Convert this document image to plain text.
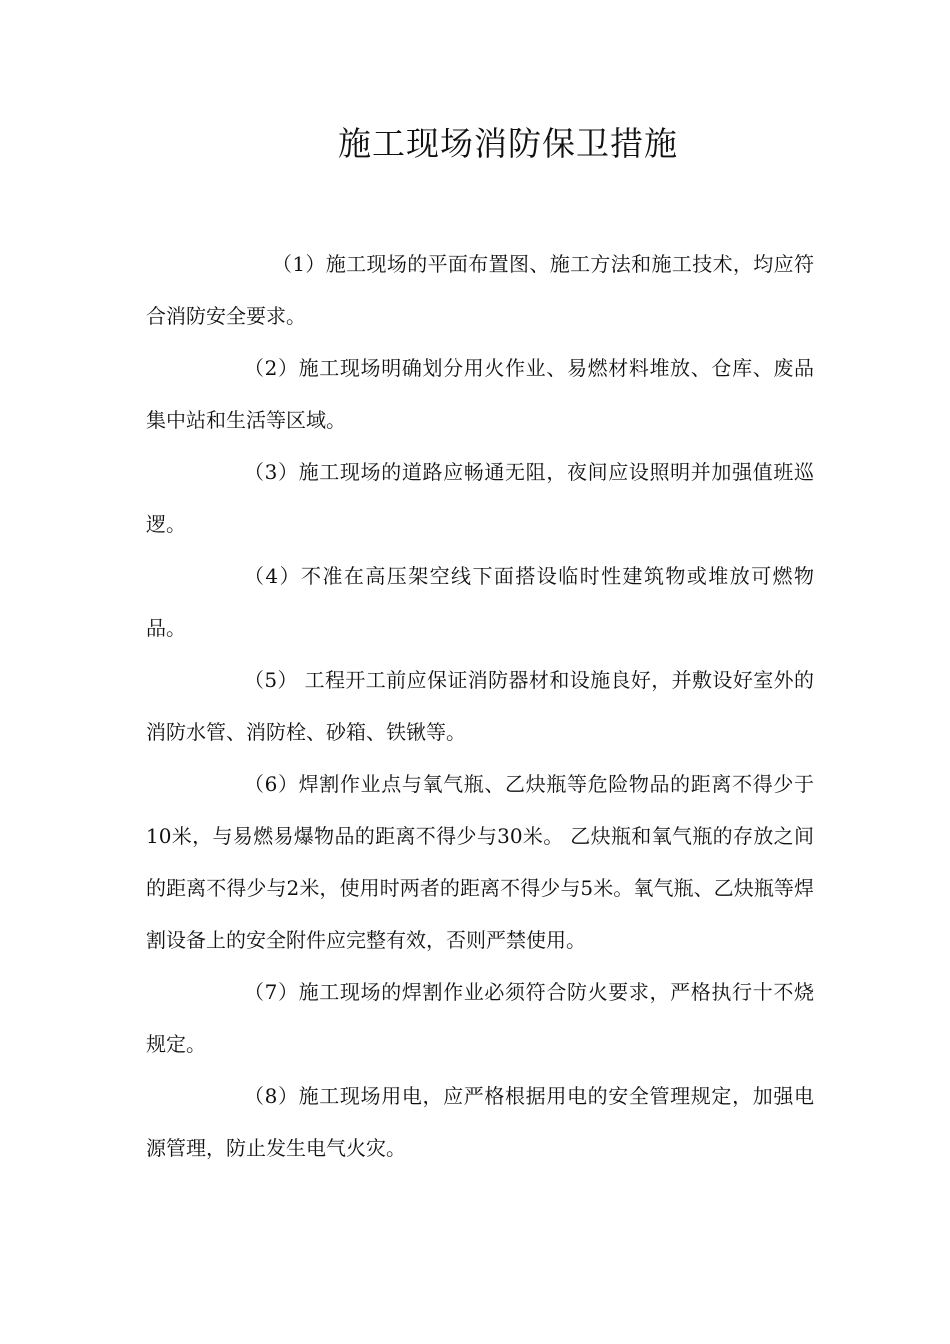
施工现场消防保卫措施

（1）施工现场的平面布置图、施工方法和施工技术，均应符合消防安全要求。

（2）施工现场明确划分用火作业、易燃材料堆放、仓库、废品集中站和生活等区域。

（3）施工现场的道路应畅通无阻，夜间应设照明并加强值班巡逻。

（4）不准在高压架空线下面搭设临时性建筑物或堆放可燃物品。

（5） 工程开工前应保证消防器材和设施良好，并敷设好室外的消防水管、消防栓、砂箱、铁锹等。

（6）焊割作业点与氧气瓶、乙炔瓶等危险物品的距离不得少于10米，与易燃易爆物品的距离不得少与30米。 乙炔瓶和氧气瓶的存放之间的距离不得少与2米，使用时两者的距离不得少与5米。氧气瓶、乙炔瓶等焊割设备上的安全附件应完整有效，否则严禁使用。

（7）施工现场的焊割作业必须符合防火要求，严格执行十不烧规定。

（8）施工现场用电，应严格根据用电的安全管理规定，加强电源管理，防止发生电气火灾。
